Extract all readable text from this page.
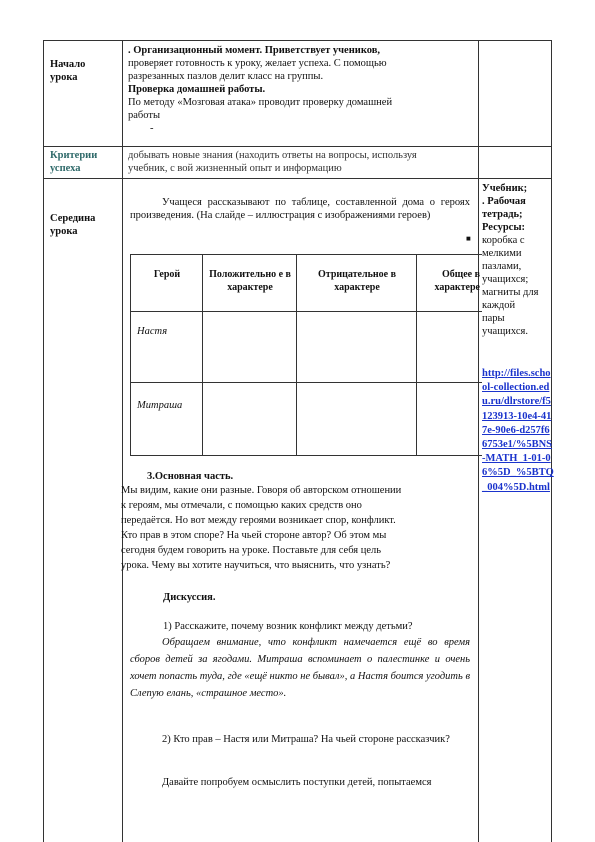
Начало
урока
. Организационный момент. Приветствует учеников,
проверяет готовность к уроку, желает успеха. С помощью
разрезанных пазлов делит класс на группы.
Проверка домашней работы.
По методу «Мозговая атака» проводит проверку домашней
работы
-
Критерии
успеха
добывать новые знания (находить ответы на вопросы, используя
учебник, с вой жизненный опыт и информацию
Середина
урока

Учащеся рассказывают по таблице, составленной дома о героях произведения. (На слайде – иллюстрация с изображениями героев)

Герой	Положительно е в характере
Отрицательное в характере
Общее в характере
Настя
Митраша
3.Основная часть.
Мы видим, какие они разные. Говоря об авторском отношении
к героям, мы отмечали, с помощью каких средств оно
передаётся. Но вот между героями возникает спор, конфликт.
Кто прав в этом споре? На чьей стороне автор? Об этом мы
сегодня будем говорить на уроке. Поставьте для себя цель
урока. Чему вы хотите научиться, что выяснить, что узнать?
Дискуссия.
1) Расскажите, почему возник конфликт между детьми?

Обращаем внимание, что конфликт намечается ещё во время сборов детей за ягодами. Митраша вспоминает о палестинке и очень хочет попасть туда, где «ещё никто не бывал», а Настя боится угодить в Слепую елань, «страшное место».

2) Кто прав – Настя или Митраша? На чьей стороне рассказчик?

Давайте попробуем осмыслить поступки детей, попытаемся

Учебник;
. Рабочая
тетрадь;
Ресурсы:
■ коробка с
мелкими
пазлами,
учащихся;
магниты для
каждой
пары
учащихся.
http://files.school-collection.edu.ru/dlrstore/f5123913-10e4-417e-90e6-d257f66753e1/%5BNS-MATH_1-01-06%5D_%5BTQ_004%5D.html
